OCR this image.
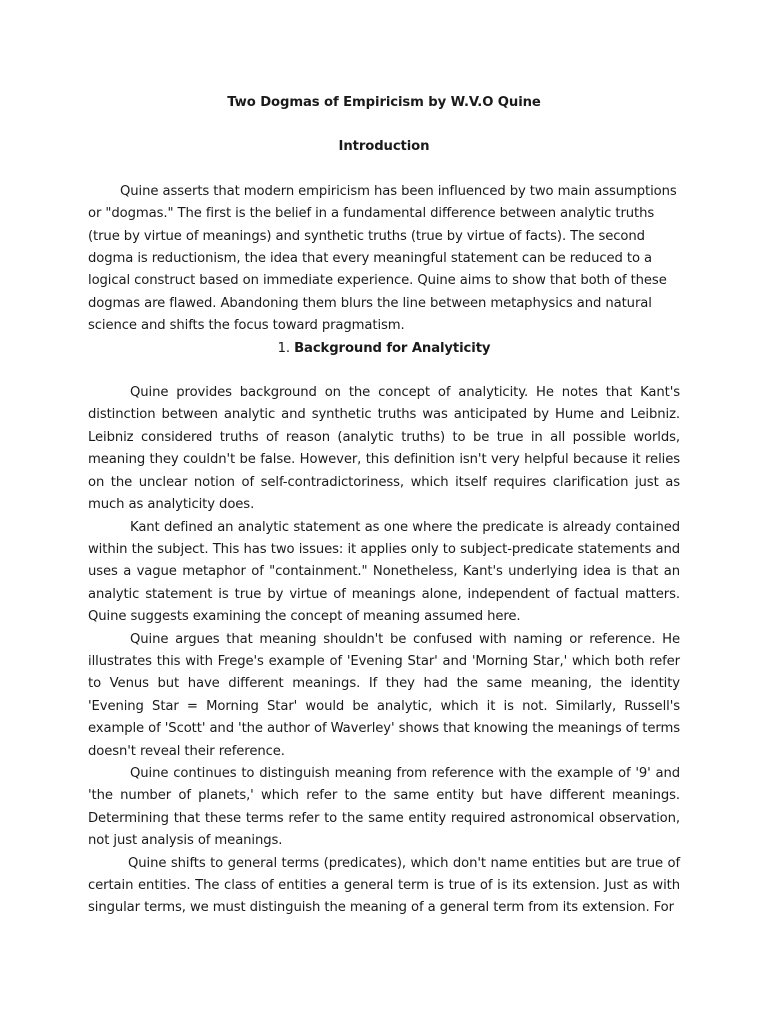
Two Dogmas of Empiricism by W.V.O Quine
Introduction

Quine asserts that modern empiricism has been influenced by two main assumptions or "dogmas." The first is the belief in a fundamental difference between analytic truths (true by virtue of meanings) and synthetic truths (true by virtue of facts). The second dogma is reductionism, the idea that every meaningful statement can be reduced to a logical construct based on immediate experience. Quine aims to show that both of these dogmas are flawed. Abandoning them blurs the line between metaphysics and natural science and shifts the focus toward pragmatism.

1. Background for Analyticity

Quine provides background on the concept of analyticity. He notes that Kant's distinction between analytic and synthetic truths was anticipated by Hume and Leibniz. Leibniz considered truths of reason (analytic truths) to be true in all possible worlds, meaning they couldn't be false. However, this definition isn't very helpful because it relies on the unclear notion of self-contradictoriness, which itself requires clarification just as much as analyticity does.

Kant defined an analytic statement as one where the predicate is already contained within the subject. This has two issues: it applies only to subject-predicate statements and uses a vague metaphor of "containment." Nonetheless, Kant's underlying idea is that an analytic statement is true by virtue of meanings alone, independent of factual matters. Quine suggests examining the concept of meaning assumed here.

Quine argues that meaning shouldn't be confused with naming or reference. He illustrates this with Frege's example of 'Evening Star' and 'Morning Star,' which both refer to Venus but have different meanings. If they had the same meaning, the identity 'Evening Star = Morning Star' would be analytic, which it is not. Similarly, Russell's example of 'Scott' and 'the author of Waverley' shows that knowing the meanings of terms doesn't reveal their reference.

Quine continues to distinguish meaning from reference with the example of '9' and 'the number of planets,' which refer to the same entity but have different meanings. Determining that these terms refer to the same entity required astronomical observation, not just analysis of meanings.

Quine shifts to general terms (predicates), which don't name entities but are true of certain entities. The class of entities a general term is true of is its extension. Just as with singular terms, we must distinguish the meaning of a general term from its extension. For
